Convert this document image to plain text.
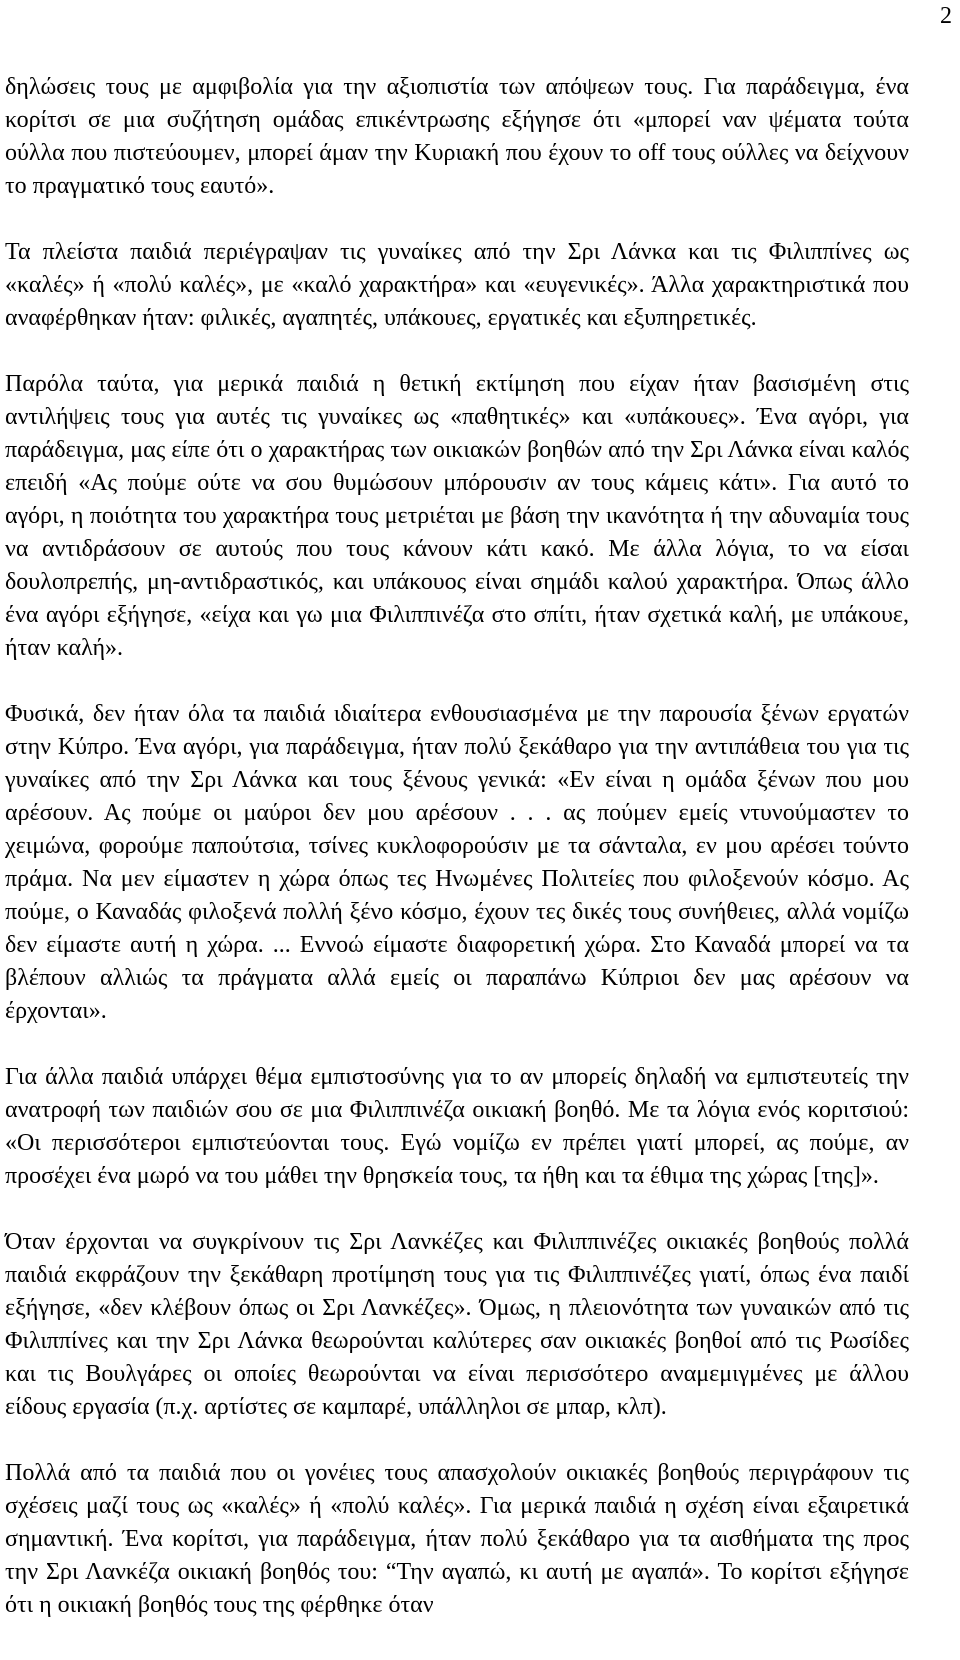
2

δηλώσεις τους με αμφιβολία για την αξιοπιστία των απόψεων τους. Για παράδειγμα, ένα κορίτσι σε μια συζήτηση ομάδας επικέντρωσης εξήγησε ότι «μπορεί ναν ψέματα τούτα ούλλα που πιστεύουμεν, μπορεί άμαν την Κυριακή που έχουν το off τους ούλλες να δείχνουν το πραγματικό τους εαυτό».

Τα πλείστα παιδιά περιέγραψαν τις γυναίκες από την Σρι Λάνκα και τις Φιλιππίνες ως «καλές» ή «πολύ καλές», με «καλό χαρακτήρα» και «ευγενικές». Άλλα χαρακτηριστικά που αναφέρθηκαν ήταν: φιλικές, αγαπητές, υπάκουες, εργατικές και εξυπηρετικές.

Παρόλα ταύτα, για μερικά παιδιά η θετική εκτίμηση που είχαν ήταν βασισμένη στις αντιλήψεις τους για αυτές τις γυναίκες ως «παθητικές» και «υπάκουες». Ένα αγόρι, για παράδειγμα, μας είπε ότι ο χαρακτήρας των οικιακών βοηθών από την Σρι Λάνκα είναι καλός επειδή «Ας πούμε ούτε να σου θυμώσουν μπόρουσιν αν τους κάμεις κάτι». Για αυτό το αγόρι, η ποιότητα του χαρακτήρα τους μετριέται με βάση την ικανότητα ή την αδυναμία τους να αντιδράσουν σε αυτούς που τους κάνουν κάτι κακό. Με άλλα λόγια, το να είσαι δουλοπρεπής, μη-αντιδραστικός, και υπάκουος είναι σημάδι καλού χαρακτήρα. Όπως άλλο ένα αγόρι εξήγησε, «είχα και γω μια Φιλιππινέζα στο σπίτι, ήταν σχετικά καλή, με υπάκουε, ήταν καλή».

Φυσικά, δεν ήταν όλα τα παιδιά ιδιαίτερα ενθουσιασμένα με την παρουσία ξένων εργατών στην Κύπρο. Ένα αγόρι, για παράδειγμα, ήταν πολύ ξεκάθαρο για την αντιπάθεια του για τις γυναίκες από την Σρι Λάνκα και τους ξένους γενικά: «Εν είναι η ομάδα ξένων που μου αρέσουν. Ας πούμε οι μαύροι δεν μου αρέσουν . . . ας πούμεν εμείς ντυνούμαστεν το χειμώνα, φορούμε παπούτσια, τσίνες κυκλοφορούσιν με τα σάνταλα, εν μου αρέσει τούντο πράμα. Να μεν είμαστεν η χώρα όπως τες Ηνωμένες Πολιτείες που φιλοξενούν κόσμο. Ας πούμε, ο Καναδάς φιλοξενά πολλή ξένο κόσμο, έχουν τες δικές τους συνήθειες, αλλά νομίζω δεν είμαστε αυτή η χώρα. ... Εννοώ είμαστε διαφορετική χώρα. Στο Καναδά μπορεί να τα βλέπουν αλλιώς τα πράγματα αλλά εμείς οι παραπάνω Κύπριοι δεν μας αρέσουν να έρχονται».

Για άλλα παιδιά υπάρχει θέμα εμπιστοσύνης για το αν μπορείς δηλαδή να εμπιστευτείς την ανατροφή των παιδιών σου σε μια Φιλιππινέζα οικιακή βοηθό. Με τα λόγια ενός κοριτσιού: «Οι περισσότεροι εμπιστεύονται τους. Εγώ νομίζω εν πρέπει γιατί μπορεί, ας πούμε, αν προσέχει ένα μωρό να του μάθει την θρησκεία τους, τα ήθη και τα έθιμα της χώρας [της]».

Όταν έρχονται να συγκρίνουν τις Σρι Λανκέζες και Φιλιππινέζες οικιακές βοηθούς πολλά παιδιά εκφράζουν την ξεκάθαρη προτίμηση τους για τις Φιλιππινέζες γιατί, όπως ένα παιδί εξήγησε, «δεν κλέβουν όπως οι Σρι Λανκέζες». Όμως, η πλειονότητα των γυναικών από τις Φιλιππίνες και την Σρι Λάνκα θεωρούνται καλύτερες σαν οικιακές βοηθοί από τις Ρωσίδες και τις Βουλγάρες οι οποίες θεωρούνται να είναι περισσότερο αναμεμιγμένες με άλλου είδους εργασία (π.χ. αρτίστες σε καμπαρέ, υπάλληλοι σε μπαρ, κλπ).

Πολλά από τα παιδιά που οι γονέιες τους απασχολούν οικιακές βοηθούς περιγράφουν τις σχέσεις μαζί τους ως «καλές» ή «πολύ καλές». Για μερικά παιδιά η σχέση είναι εξαιρετικά σημαντική. Ένα κορίτσι, για παράδειγμα, ήταν πολύ ξεκάθαρο για τα αισθήματα της προς την Σρι Λανκέζα οικιακή βοηθός του: “Την αγαπώ, κι αυτή με αγαπά». Το κορίτσι εξήγησε ότι η οικιακή βοηθός τους της φέρθηκε όταν
